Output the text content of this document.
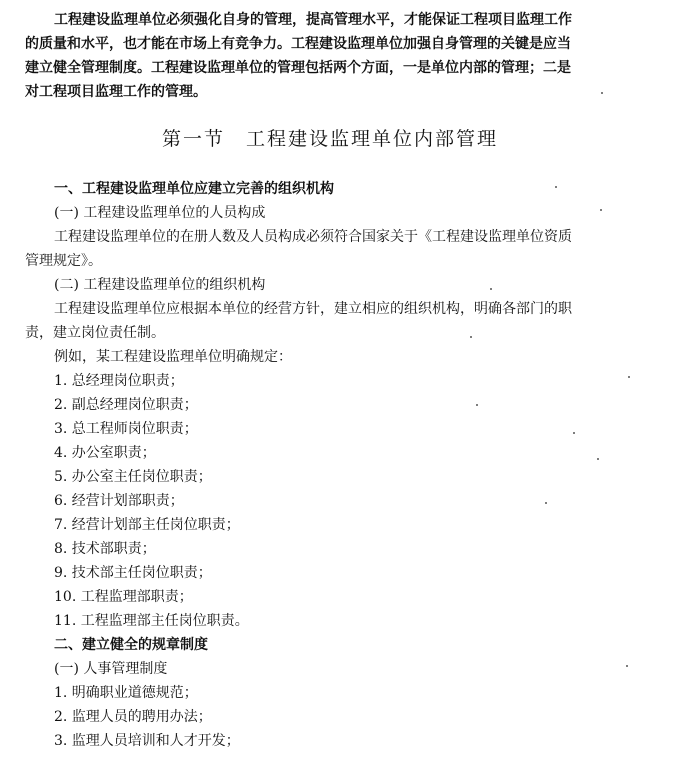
工程建设监理单位必须强化自身的管理，提高管理水平，才能保证工程项目监理工作
的质量和水平，也才能在市场上有竞争力。工程建设监理单位加强自身管理的关键是应当
建立健全管理制度。工程建设监理单位的管理包括两个方面，一是单位内部的管理；二是
对工程项目监理工作的管理。
第一节　工程建设监理单位内部管理
一、工程建设监理单位应建立完善的组织机构
(一) 工程建设监理单位的人员构成
工程建设监理单位的在册人数及人员构成必须符合国家关于《工程建设监理单位资质
管理规定》。
(二) 工程建设监理单位的组织机构
工程建设监理单位应根据本单位的经营方针，建立相应的组织机构，明确各部门的职
责，建立岗位责任制。
例如，某工程建设监理单位明确规定：
1. 总经理岗位职责；
2. 副总经理岗位职责；
3. 总工程师岗位职责；
4. 办公室职责；
5. 办公室主任岗位职责；
6. 经营计划部职责；
7. 经营计划部主任岗位职责；
8. 技术部职责；
9. 技术部主任岗位职责；
10. 工程监理部职责；
11. 工程监理部主任岗位职责。
二、建立健全的规章制度
(一) 人事管理制度
1. 明确职业道德规范；
2. 监理人员的聘用办法；
3. 监理人员培训和人才开发；
